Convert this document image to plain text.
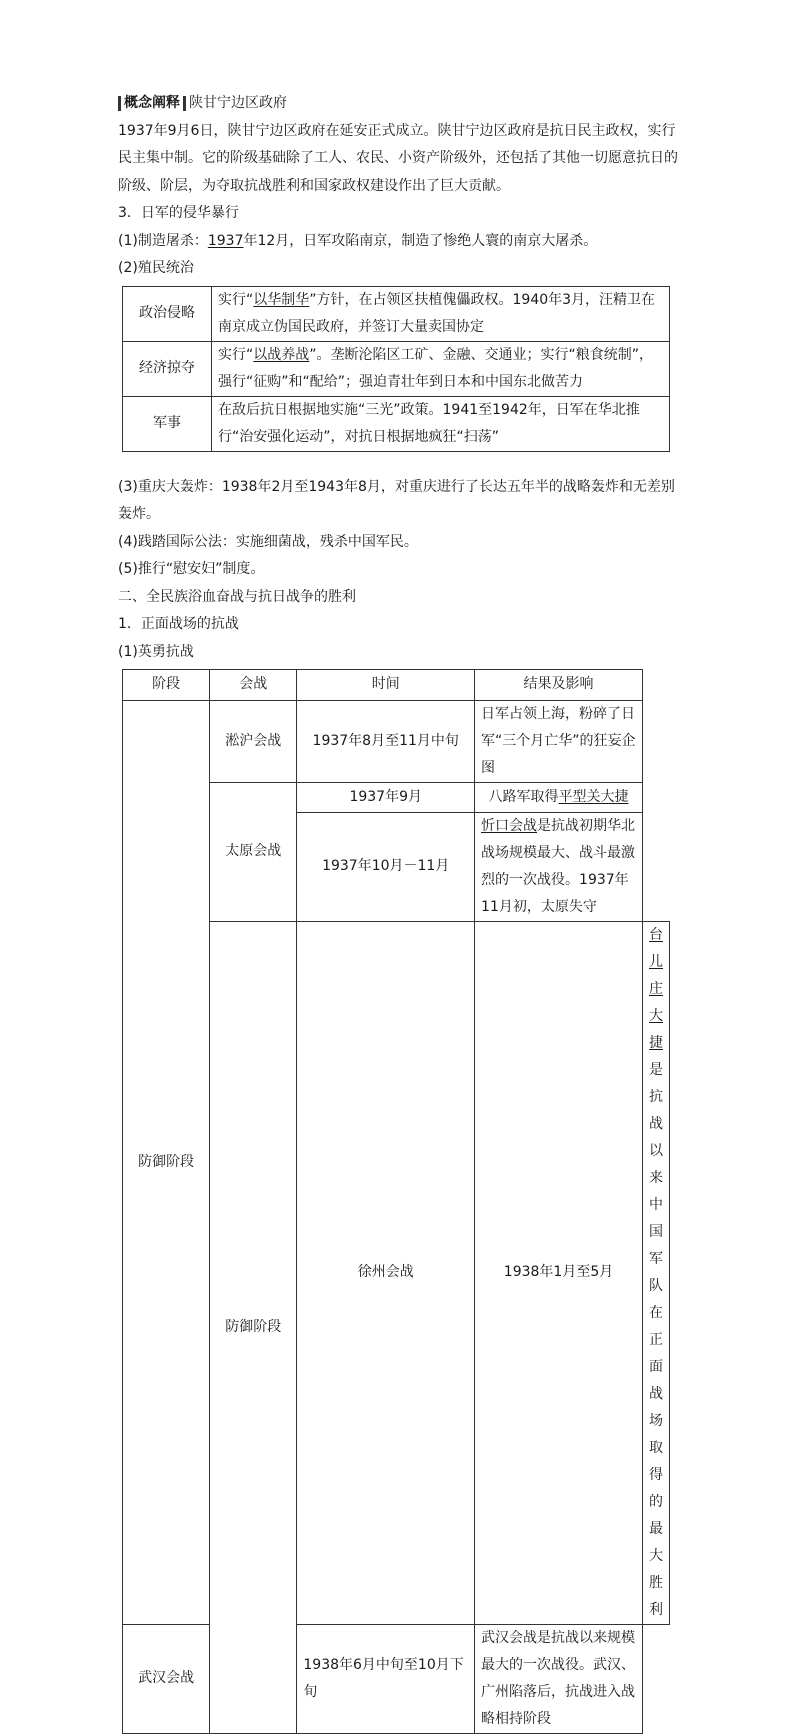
概念阐释 陕甘宁边区政府

1937年9月6日，陕甘宁边区政府在延安正式成立。陕甘宁边区政府是抗日民主政权，实行民主集中制。它的阶级基础除了工人、农民、小资产阶级外，还包括了其他一切愿意抗日的阶级、阶层，为夺取抗战胜利和国家政权建设作出了巨大贡献。

3．日军的侵华暴行

(1)制造屠杀：1937年12月，日军攻陷南京，制造了惨绝人寰的南京大屠杀。

(2)殖民统治

政治侵略	实行“以华制华”方针，在占领区扶植傀儡政权。1940年3月，汪精卫在南京成立伪国民政府，并签订大量卖国协定
经济掠夺	实行“以战养战”。垄断沦陷区工矿、金融、交通业；实行“粮食统制”，强行“征购”和“配给”；强迫青壮年到日本和中国东北做苦力
军事	在敌后抗日根据地实施“三光”政策。1941至1942年，日军在华北推行“治安强化运动”，对抗日根据地疯狂“扫荡”

(3)重庆大轰炸：1938年2月至1943年8月，对重庆进行了长达五年半的战略轰炸和无差别轰炸。

(4)践踏国际公法：实施细菌战，残杀中国军民。

(5)推行“慰安妇”制度。

二、全民族浴血奋战与抗日战争的胜利

1．正面战场的抗战

(1)英勇抗战

阶段	会战	时间	结果及影响	
防御阶段	淞沪会战	1937年8月至11月中旬	日军占领上海，粉碎了日军“三个月亡华”的狂妄企图	
	太原会战	1937年9月	八路军取得平型关大捷	
		1937年10月－11月	忻口会战是抗战初期华北战场规模最大、战斗最激烈的一次战役。1937年11月初，太原失守	
	防御阶段	徐州会战	1938年1月至5月	台儿庄大捷是抗战以来中国军队在正面战场取得的最大胜利
武汉会战		1938年6月中旬至10月下旬	武汉会战是抗战以来规模最大的一次战役。武汉、广州陷落后，抗战进入战略相持阶段	
